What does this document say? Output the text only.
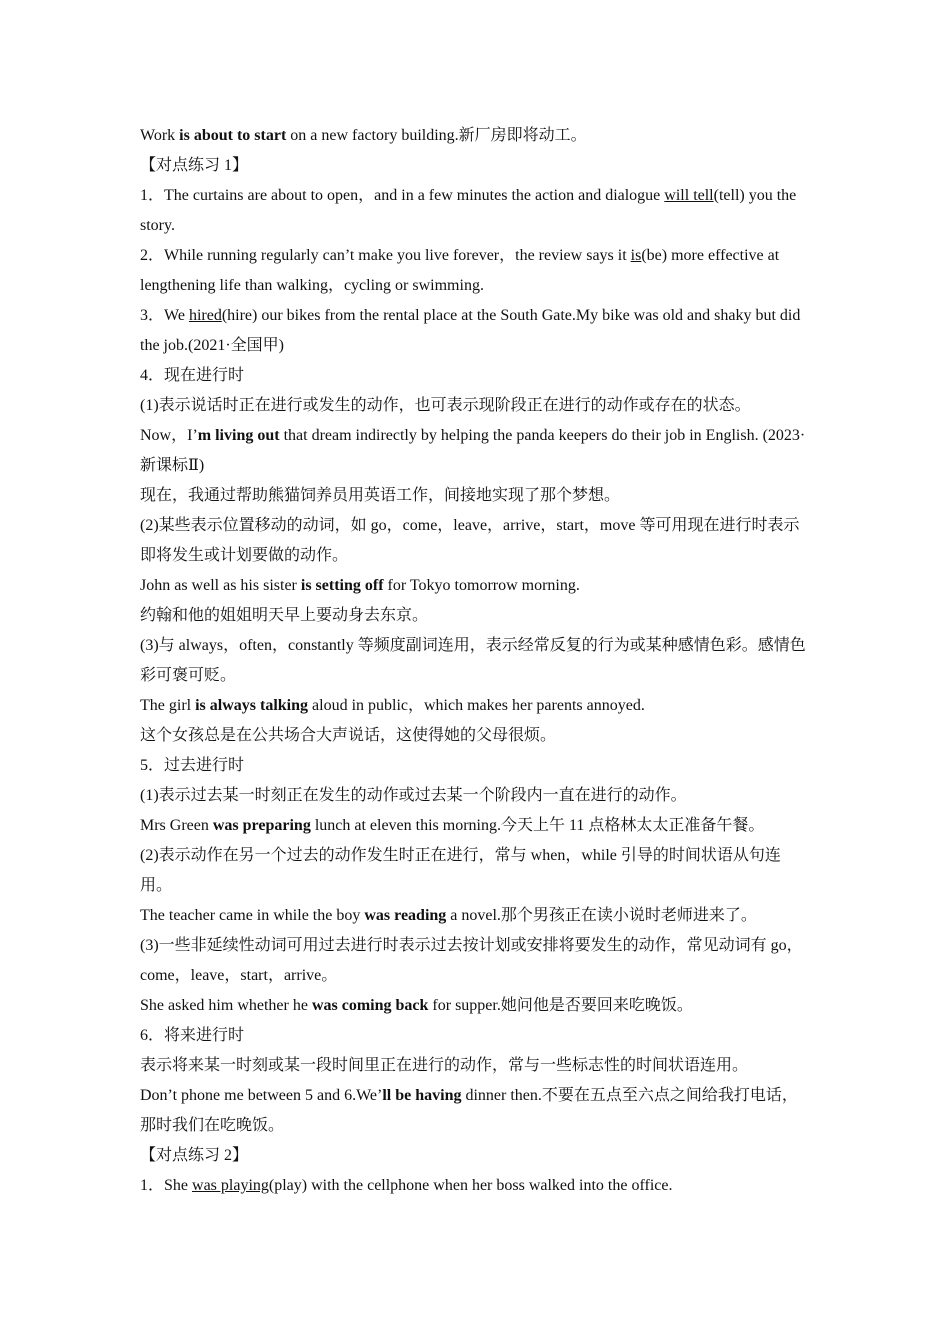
Work is about to start on a new factory building.新厂房即将动工。

【对点练习 1】

1．The curtains are about to open，and in a few minutes the action and dialogue will tell(tell) you the story.

2．While running regularly can’t make you live forever，the review says it is(be) more effective at lengthening life than walking，cycling or swimming.

3．We hired(hire) our bikes from the rental place at the South Gate.My bike was old and shaky but did the job.(2021·全国甲)

4．现在进行时

(1)表示说话时正在进行或发生的动作，也可表示现阶段正在进行的动作或存在的状态。

Now，I’m living out that dream indirectly by helping the panda keepers do their job in English. (2023·新课标Ⅱ)

现在，我通过帮助熊猫饲养员用英语工作，间接地实现了那个梦想。

(2)某些表示位置移动的动词，如 go，come，leave，arrive，start，move 等可用现在进行时表示即将发生或计划要做的动作。

John as well as his sister is setting off for Tokyo tomorrow morning.

约翰和他的姐姐明天早上要动身去东京。

(3)与 always，often，constantly 等频度副词连用，表示经常反复的行为或某种感情色彩。感情色彩可褒可贬。

The girl is always talking aloud in public，which makes her parents annoyed.

这个女孩总是在公共场合大声说话，这使得她的父母很烦。

5．过去进行时

(1)表示过去某一时刻正在发生的动作或过去某一个阶段内一直在进行的动作。

Mrs Green was preparing lunch at eleven this morning.今天上午 11 点格林太太正准备午餐。

(2)表示动作在另一个过去的动作发生时正在进行，常与 when，while 引导的时间状语从句连用。

The teacher came in while the boy was reading a novel.那个男孩正在读小说时老师进来了。

(3)一些非延续性动词可用过去进行时表示过去按计划或安排将要发生的动作，常见动词有 go，come，leave，start，arrive。

She asked him whether he was coming back for supper.她问他是否要回来吃晚饭。

6．将来进行时

表示将来某一时刻或某一段时间里正在进行的动作，常与一些标志性的时间状语连用。

Don’t phone me between 5 and 6.We’ll be having dinner then.不要在五点至六点之间给我打电话，那时我们在吃晚饭。

【对点练习 2】

1．She was playing(play) with the cellphone when her boss walked into the office.
